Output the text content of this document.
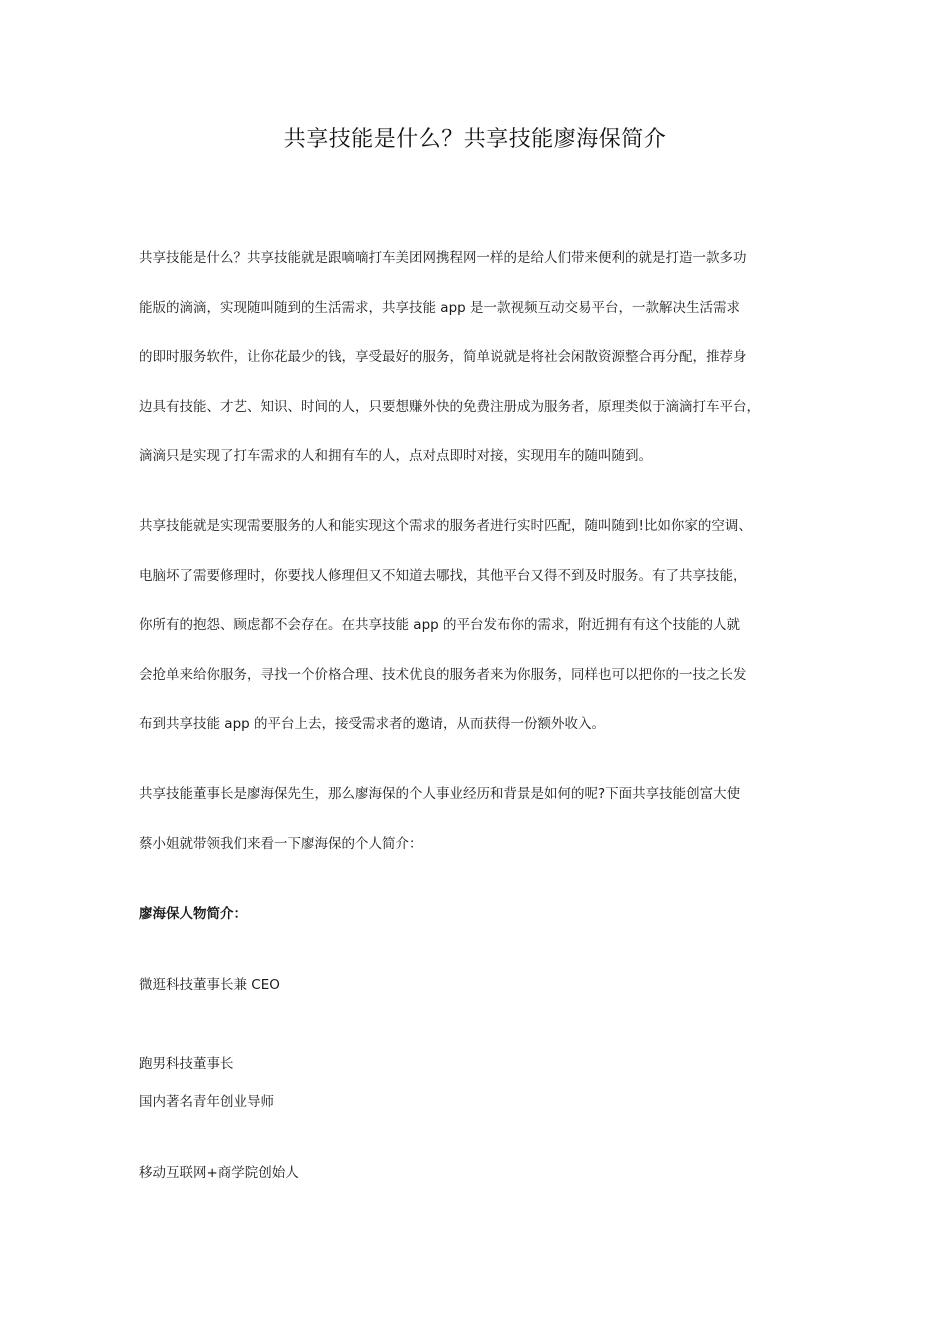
共享技能是什么？共享技能廖海保简介
共享技能是什么？共享技能就是跟嘀嘀打车美团网携程网一样的是给人们带来便利的就是打造一款多功
能版的滴滴，实现随叫随到的生活需求，共享技能 app 是一款视频互动交易平台，一款解决生活需求
的即时服务软件，让你花最少的钱，享受最好的服务，简单说就是将社会闲散资源整合再分配，推荐身
边具有技能、才艺、知识、时间的人，只要想赚外快的免费注册成为服务者，原理类似于滴滴打车平台，
滴滴只是实现了打车需求的人和拥有车的人，点对点即时对接，实现用车的随叫随到。
共享技能就是实现需要服务的人和能实现这个需求的服务者进行实时匹配，随叫随到!比如你家的空调、
电脑坏了需要修理时，你要找人修理但又不知道去哪找，其他平台又得不到及时服务。有了共享技能，
你所有的抱怨、顾虑都不会存在。在共享技能 app 的平台发布你的需求，附近拥有有这个技能的人就
会抢单来给你服务，寻找一个价格合理、技术优良的服务者来为你服务，同样也可以把你的一技之长发
布到共享技能 app 的平台上去，接受需求者的邀请，从而获得一份额外收入。
共享技能董事长是廖海保先生，那么廖海保的个人事业经历和背景是如何的呢?下面共享技能创富大使
蔡小姐就带领我们来看一下廖海保的个人简介：
廖海保人物简介：
微逛科技董事长兼 CEO
跑男科技董事长
国内著名青年创业导师
移动互联网+商学院创始人
